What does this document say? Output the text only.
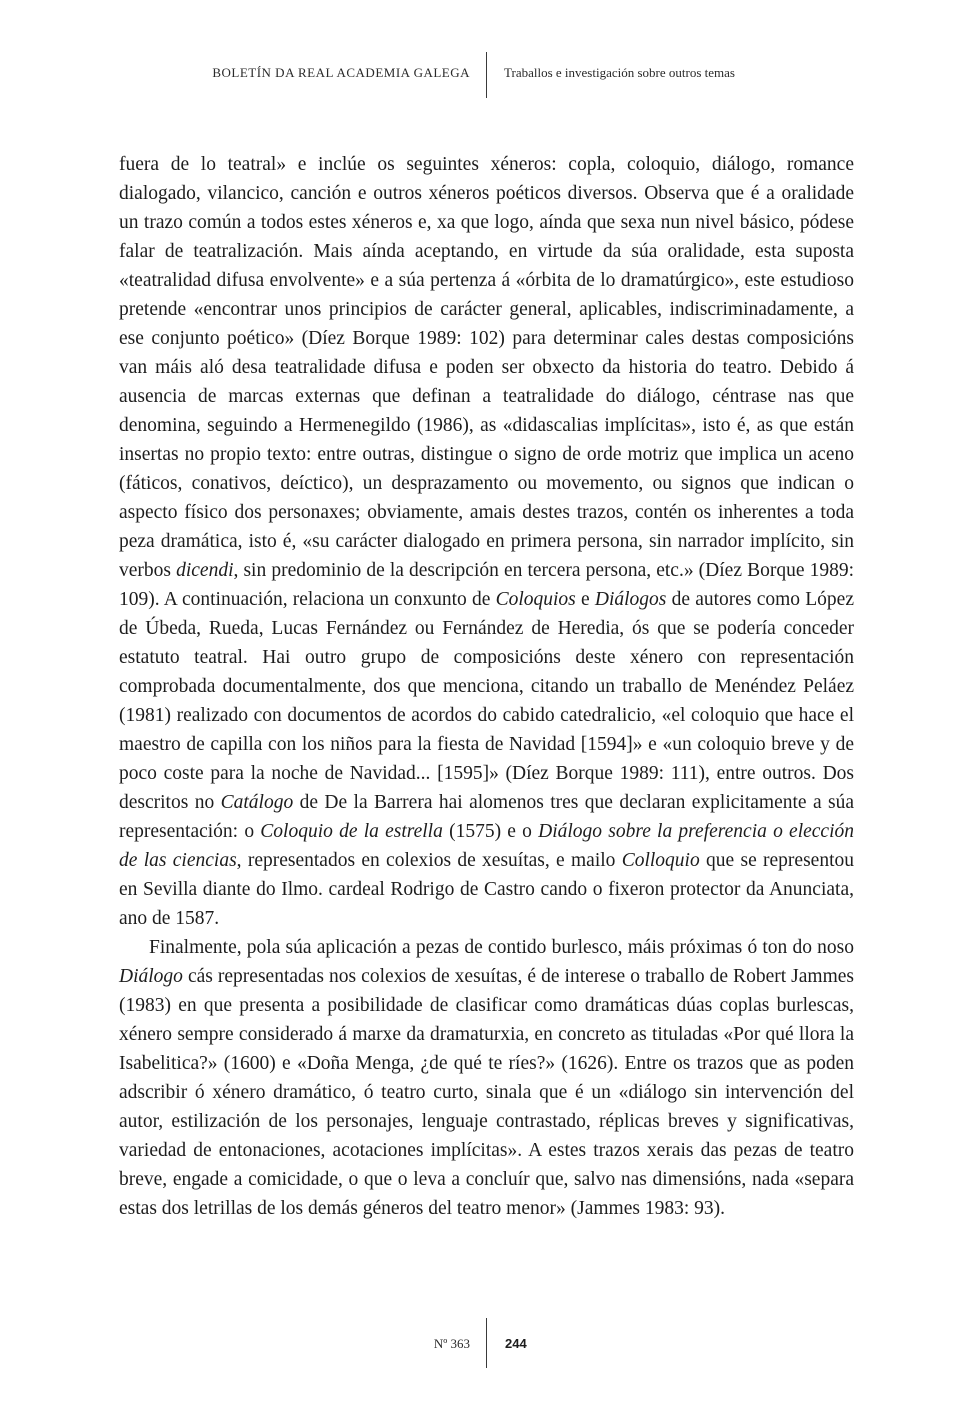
BOLETÍN DA REAL ACADEMIA GALEGA	Traballos e investigación sobre outros temas

fuera de lo teatral» e inclúe os seguintes xéneros: copla, coloquio, diálogo, romance dialogado, vilancico, canción e outros xéneros poéticos diversos. Observa que é a oralidade un trazo común a todos estes xéneros e, xa que logo, aínda que sexa nun nivel básico, pódese falar de teatralización. Mais aínda aceptando, en virtude da súa oralidade, esta suposta «teatralidad difusa envolvente» e a súa pertenza á «órbita de lo dramatúrgico», este estudioso pretende «encontrar unos principios de carácter general, aplicables, indiscriminadamente, a ese conjunto poético» (Díez Borque 1989: 102) para determinar cales destas composicións van máis aló desa teatralidade difusa e poden ser obxecto da historia do teatro. Debido á ausencia de marcas externas que definan a teatralidade do diálogo, céntrase nas que denomina, seguindo a Hermenegildo (1986), as «didascalias implícitas», isto é, as que están insertas no propio texto: entre outras, distingue o signo de orde motriz que implica un aceno (fáticos, conativos, deíctico), un desprazamento ou movemento, ou signos que indican o aspecto físico dos personaxes; obviamente, amais destes trazos, contén os inherentes a toda peza dramática, isto é, «su carácter dialogado en primera persona, sin narrador implícito, sin verbos dicendi, sin predominio de la descripción en tercera persona, etc.» (Díez Borque 1989: 109). A continuación, relaciona un conxunto de Coloquios e Diálogos de autores como López de Úbeda, Rueda, Lucas Fernández ou Fernández de Heredia, ós que se podería conceder estatuto teatral. Hai outro grupo de composicións deste xénero con representación comprobada documentalmente, dos que menciona, citando un traballo de Menéndez Peláez (1981) realizado con documentos de acordos do cabido catedralicio, «el coloquio que hace el maestro de capilla con los niños para la fiesta de Navidad [1594]» e «un coloquio breve y de poco coste para la noche de Navidad... [1595]» (Díez Borque 1989: 111), entre outros. Dos descritos no Catálogo de De la Barrera hai alomenos tres que declaran explicitamente a súa representación: o Coloquio de la estrella (1575) e o Diálogo sobre la preferencia o elección de las ciencias, representados en colexios de xesuítas, e mailo Colloquio que se representou en Sevilla diante do Ilmo. cardeal Rodrigo de Castro cando o fixeron protector da Anunciata, ano de 1587.

Finalmente, pola súa aplicación a pezas de contido burlesco, máis próximas ó ton do noso Diálogo cás representadas nos colexios de xesuítas, é de interese o traballo de Robert Jammes (1983) en que presenta a posibilidade de clasificar como dramáticas dúas coplas burlescas, xénero sempre considerado á marxe da dramaturxia, en concreto as tituladas «Por qué llora la Isabelitica?» (1600) e «Doña Menga, ¿de qué te ríes?» (1626). Entre os trazos que as poden adscribir ó xénero dramático, ó teatro curto, sinala que é un «diálogo sin intervención del autor, estilización de los personajes, lenguaje contrastado, réplicas breves y significativas, variedad de entonaciones, acotaciones implícitas». A estes trazos xerais das pezas de teatro breve, engade a comicidade, o que o leva a concluír que, salvo nas dimensións, nada «separa estas dos letrillas de los demás géneros del teatro menor» (Jammes 1983: 93).

Nº 363	244
